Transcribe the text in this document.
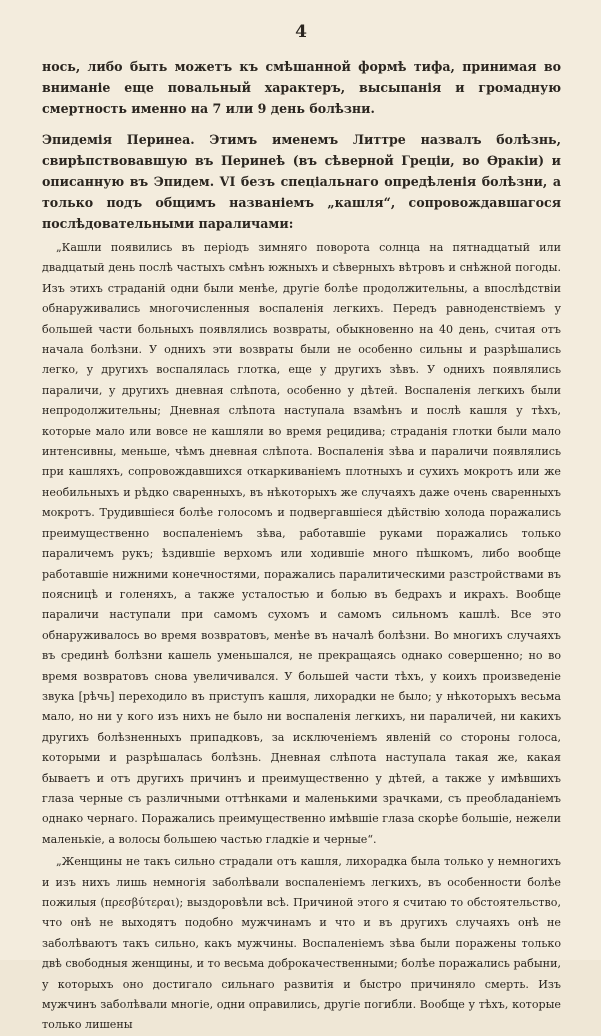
4

нось, либо быть можетъ къ смѣшанной формѣ тифа, принимая во вниманіе еще повальный характеръ, высыпанія и громадную смертность именно на 7 или 9 день болѣзни.

Эпидемія Перинеа. Этимъ именемъ Литтре назвалъ болѣзнь, свирѣпствовавшую въ Перинеѣ (въ сѣверной Греціи, во Ѳракіи) и описанную въ Эпидем. VI безъ спеціальнаго опредѣленія болѣзни, а только подъ общимъ названіемъ „кашля“, сопровождавшагося послѣдовательными параличами:

„Кашли появились въ періодъ зимняго поворота солнца на пятнадцатый или двадцатый день послѣ частыхъ смѣнъ южныхъ и сѣверныхъ вѣтровъ и снѣжной погоды. Изъ этихъ страданій одни были менѣе, другіе болѣе продолжительны, а впослѣдствіи обнаруживались многочисленныя воспаленія легкихъ. Передъ равноденствіемъ у большей части больныхъ появлялись возвраты, обыкновенно на 40 день, считая отъ начала болѣзни. У однихъ эти возвраты были не особенно сильны и разрѣшались легко, у другихъ воспалялась глотка, еще у другихъ зѣвъ. У однихъ появлялись параличи, у другихъ дневная слѣпота, особенно у дѣтей. Воспаленія легкихъ были непродолжительны; Дневная слѣпота наступала взамѣнъ и послѣ кашля у тѣхъ, которые мало или вовсе не кашляли во время рецидива; страданія глотки были мало интенсивны, меньше, чѣмъ дневная слѣпота. Воспаленія зѣва и параличи появлялись при кашляхъ, сопровождавшихся откаркиваніемъ плотныхъ и сухихъ мокротъ или же необильныхъ и рѣдко сваренныхъ, въ нѣкоторыхъ же случаяхъ даже очень сваренныхъ мокротъ. Трудившіеся болѣе голосомъ и подвергавшіеся дѣйствію холода поражались преимущественно воспаленіемъ зѣва, работавшіе руками поражались только параличемъ рукъ; ѣздившіе верхомъ или ходившіе много пѣшкомъ, либо вообще работавшіе нижними конечностями, поражались паралитическими разстройствами въ поясницѣ и голеняхъ, а также усталостью и болью въ бедрахъ и икрахъ. Вообще параличи наступали при самомъ сухомъ и самомъ сильномъ кашлѣ. Все это обнаруживалось во время возвратовъ, менѣе въ началѣ болѣзни. Во многихъ случаяхъ въ срединѣ болѣзни кашель уменьшался, не прекращаясь однако совершенно; но во время возвратовъ снова увеличивался. У большей части тѣхъ, у коихъ произведеніе звука [рѣчь] переходило въ приступъ кашля, лихорадки не было; у нѣкоторыхъ весьма мало, но ни у кого изъ нихъ не было ни воспаленія легкихъ, ни параличей, ни какихъ другихъ болѣзненныхъ припадковъ, за исключеніемъ явленій со стороны голоса, которыми и разрѣшалась болѣзнь. Дневная слѣпота наступала такая же, какая бываетъ и отъ другихъ причинъ и преимущественно у дѣтей, а также у имѣвшихъ глаза черные съ различными оттѣнками и маленькими зрачками, съ преобладаніемъ однако чернаго. Поражались преимущественно имѣвшіе глаза скорѣе большіе, нежели маленькіе, а волосы большею частью гладкіе и черные“.

„Женщины не такъ сильно страдали отъ кашля, лихорадка была только у немногихъ и изъ нихъ лишь немногія заболѣвали воспаленіемъ легкихъ, въ особенности болѣе пожилыя (πρεσβύτεραι); выздоровѣли всѣ. Причиной этого я считаю то обстоятельство, что онѣ не выходятъ подобно мужчинамъ и что и въ другихъ случаяхъ онѣ не заболѣваютъ такъ сильно, какъ мужчины. Воспаленіемъ зѣва были поражены только двѣ свободныя женщины, и то весьма доброкачественными; болѣе поражались рабыни, у которыхъ оно достигало сильнаго развитія и быстро причиняло смерть. Изъ мужчинъ заболѣвали многіе, одни оправились, другіе погибли. Вообще у тѣхъ, которые только лишены
